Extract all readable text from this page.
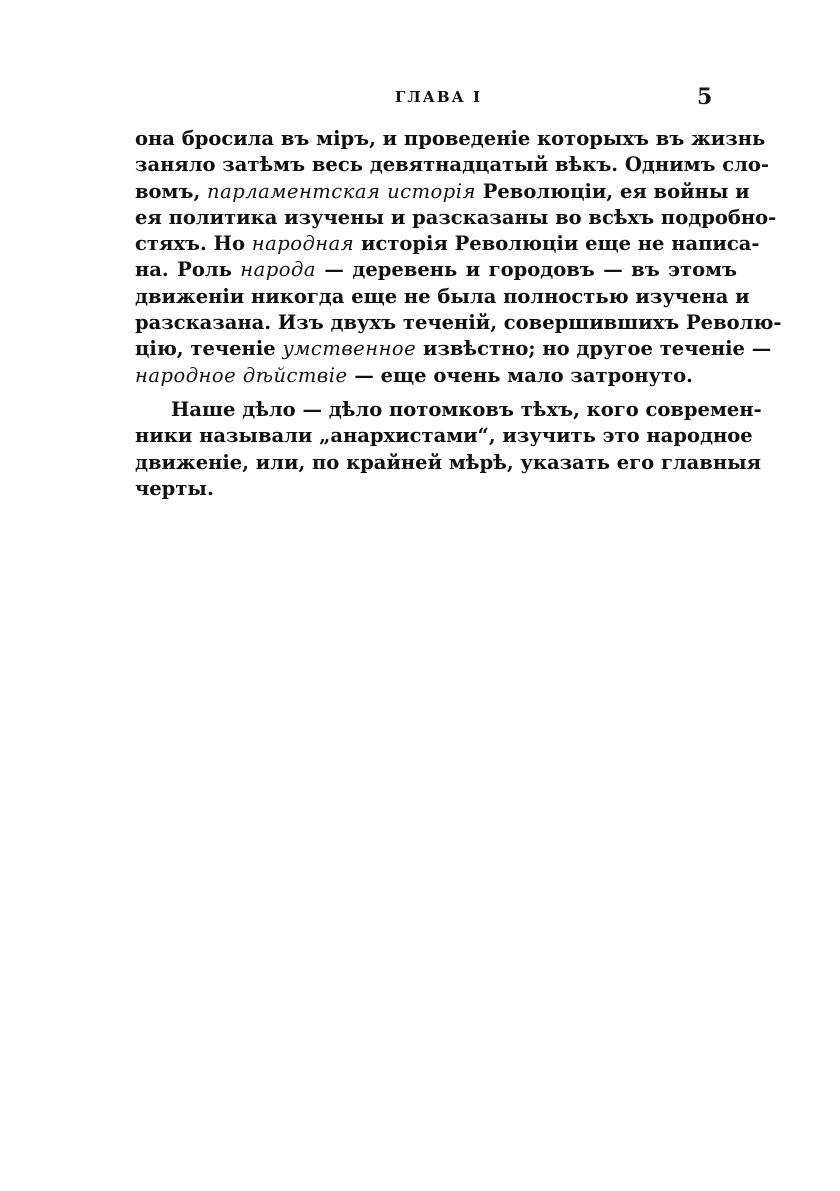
ГЛАВА I	5
она бросила въ міръ, и проведеніе которыхъ въ жизнь
заняло затѣмъ весь девятнадцатый вѣкъ. Однимъ сло-
вомъ, парламентская исторія Революціи, ея войны и
ея политика изучены и разсказаны во всѣхъ подробно-
стяхъ. Но народная исторія Революціи еще не написа-
на. Роль народа — деревень и городовъ — въ этомъ
движеніи никогда еще не была полностью изучена и
разсказана. Изъ двухъ теченій, совершившихъ Револю-
цію, теченіе умственное извѣстно; но другое теченіе —
народное дѣйствіе — еще очень мало затронуто.
Наше дѣло — дѣло потомковъ тѣхъ, кого современ-
ники называли „анархистами“, изучить это народное
движеніе, или, по крайней мѣрѣ, указать его главныя
черты.
